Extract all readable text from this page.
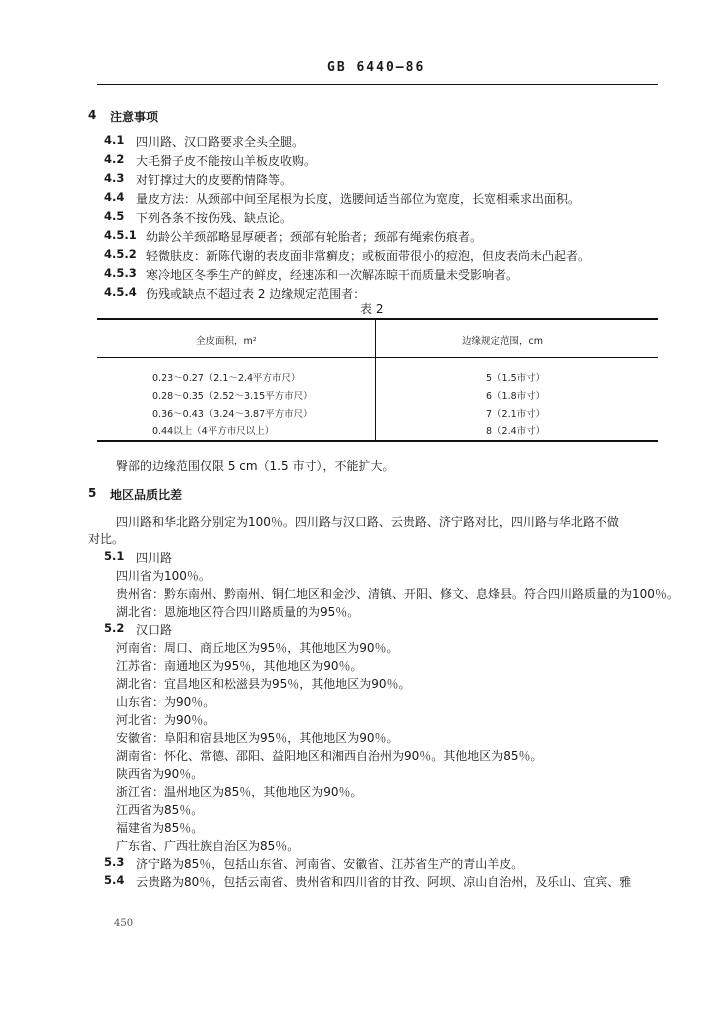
GB 6440—86
4 注意事项
4.1 四川路、汉口路要求全头全腿。
4.2 大毛猾子皮不能按山羊板皮收购。
4.3 对钉撑过大的皮要酌情降等。
4.4 量皮方法：从颈部中间至尾根为长度，选腰间适当部位为宽度，长宽相乘求出面积。
4.5 下列各条不按伤残、缺点论。
4.5.1 幼龄公羊颈部略显厚硬者；颈部有轮胎者；颈部有绳索伤痕者。
4.5.2 轻微肤皮：新陈代谢的表皮面非常癣皮；或板面带很小的痘泡，但皮表尚未凸起者。
4.5.3 寒冷地区冬季生产的鲜皮，经速冻和一次解冻晾干而质量未受影响者。
4.5.4 伤残或缺点不超过表 2 边缘规定范围者：
表 2
全皮面积，m²	边缘规定范围，cm
0.23～0.27（2.1～2.4平方市尺）	5（1.5市寸）
0.28～0.35（2.52～3.15平方市尺）	6（1.8市寸）
0.36～0.43（3.24～3.87平方市尺）	7（2.1市寸）
0.44以上（4平方市尺以上）	8（2.4市寸）
臀部的边缘范围仅限 5 cm（1.5 市寸），不能扩大。
5 地区品质比差
四川路和华北路分别定为100％。四川路与汉口路、云贵路、济宁路对比，四川路与华北路不做
对比。
5.1 四川路
四川省为100％。
贵州省：黔东南州、黔南州、铜仁地区和金沙、清镇、开阳、修文、息烽县。符合四川路质量的为100％。
湖北省：恩施地区符合四川路质量的为95％。
5.2 汉口路
河南省：周口、商丘地区为95％，其他地区为90％。
江苏省：南通地区为95％，其他地区为90％。
湖北省：宜昌地区和松滋县为95％，其他地区为90％。
山东省：为90％。
河北省：为90％。
安徽省：阜阳和宿县地区为95％，其他地区为90％。
湖南省：怀化、常德、邵阳、益阳地区和湘西自治州为90％。其他地区为85％。
陕西省为90％。
浙江省：温州地区为85％，其他地区为90％。
江西省为85％。
福建省为85％。
广东省、广西壮族自治区为85％。
5.3 济宁路为85％，包括山东省、河南省、安徽省、江苏省生产的青山羊皮。
5.4 云贵路为80％，包括云南省、贵州省和四川省的甘孜、阿坝、凉山自治州，及乐山、宜宾、雅
450
